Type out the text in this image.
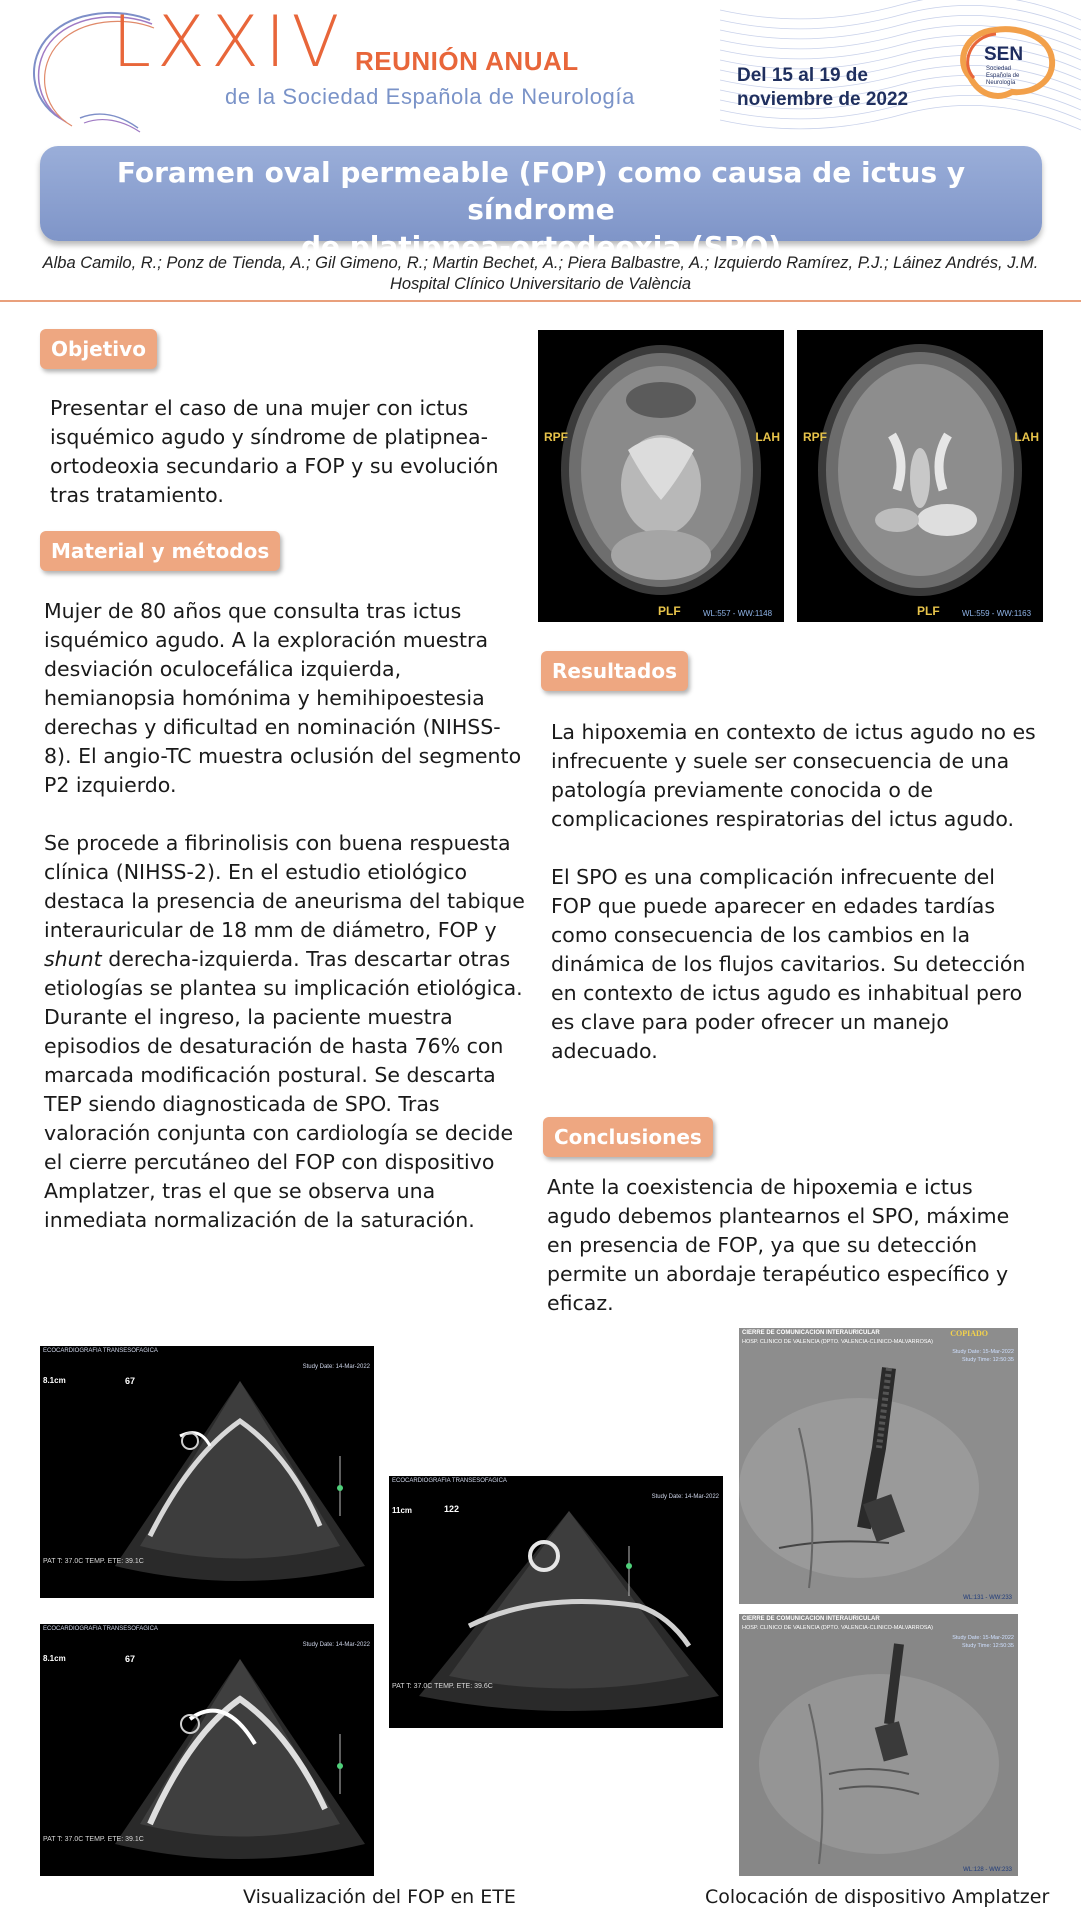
LXXIV REUNIÓN ANUAL
de la Sociedad Española de Neurología
Del 15 al 19 de
noviembre de 2022
SEN
Sociedad Española de Neurología
Foramen oval permeable (FOP) como causa de ictus y síndrome
de platipnea-ortodeoxia (SPO)
Alba Camilo, R.; Ponz de Tienda, A.; Gil Gimeno, R.; Martin Bechet, A.; Piera Balbastre, A.; Izquierdo Ramírez, P.J.; Láinez Andrés, J.M.
Hospital Clínico Universitario de València
Objetivo

Presentar el caso de una mujer con ictus isquémico agudo y síndrome de platipnea-ortodeoxia secundario a FOP y su evolución tras tratamiento.

Material y métodos

Mujer de 80 años que consulta tras ictus isquémico agudo. A la exploración muestra desviación oculocefálica izquierda, hemianopsia homónima y hemihipoestesia derechas y dificultad en nominación (NIHSS-8). El angio-TC muestra oclusión del segmento P2 izquierdo.

Se procede a fibrinolisis con buena respuesta clínica (NIHSS-2). En el estudio etiológico destaca la presencia de aneurisma del tabique interauricular de 18 mm de diámetro, FOP y shunt derecha-izquierda. Tras descartar otras etiologías se plantea su implicación etiológica. Durante el ingreso, la paciente muestra episodios de desaturación de hasta 76% con marcada modificación postural. Se descarta TEP siendo diagnosticada de SPO. Tras valoración conjunta con cardiología se decide el cierre percutáneo del FOP con dispositivo Amplatzer, tras el que se observa una inmediata normalización de la saturación.

RPF	LAH
PLF	WL:557 - WW:1148
RPF	LAH
PLF	WL:559 - WW:1163
Resultados

La hipoxemia en contexto de ictus agudo no es infrecuente y suele ser consecuencia de una patología previamente conocida o de complicaciones respiratorias del ictus agudo.

El SPO es una complicación infrecuente del FOP que puede aparecer en edades tardías como consecuencia de los cambios en la dinámica de los flujos cavitarios. Su detección en contexto de ictus agudo es inhabitual pero es clave para poder ofrecer un manejo adecuado.

Conclusiones

Ante la coexistencia de hipoxemia e ictus agudo debemos plantearnos el SPO, máxime en presencia de FOP, ya que su detección permite un abordaje terapéutico específico y eficaz.

ECOCARDIOGRAFIA TRANSESOFAGICA
8.1cm	67
Study Date: 14-Mar-2022
PAT T: 37.0C TEMP. ETE: 39.1C
ECOCARDIOGRAFIA TRANSESOFAGICA
8.1cm	67
Study Date: 14-Mar-2022
PAT T: 37.0C TEMP. ETE: 39.1C
ECOCARDIOGRAFIA TRANSESOFAGICA
11cm	122
Study Date: 14-Mar-2022
PAT T: 37.0C TEMP. ETE: 39.6C
CIERRE DE COMUNICACION INTERAURICULAR
HOSP. CLINICO DE VALENCIA (DPTO. VALENCIA-CLINICO-MALVARROSA)
COPIADO
Study Date: 15-Mar-2022
Study Time: 12:50:35
WL:131 - WW:233
CIERRE DE COMUNICACION INTERAURICULAR
HOSP. CLINICO DE VALENCIA (DPTO. VALENCIA-CLINICO-MALVARROSA)
Study Date: 15-Mar-2022
Study Time: 12:50:35
WL:128 - WW:233
Visualización del FOP en ETE	Colocación de dispositivo Amplatzer
